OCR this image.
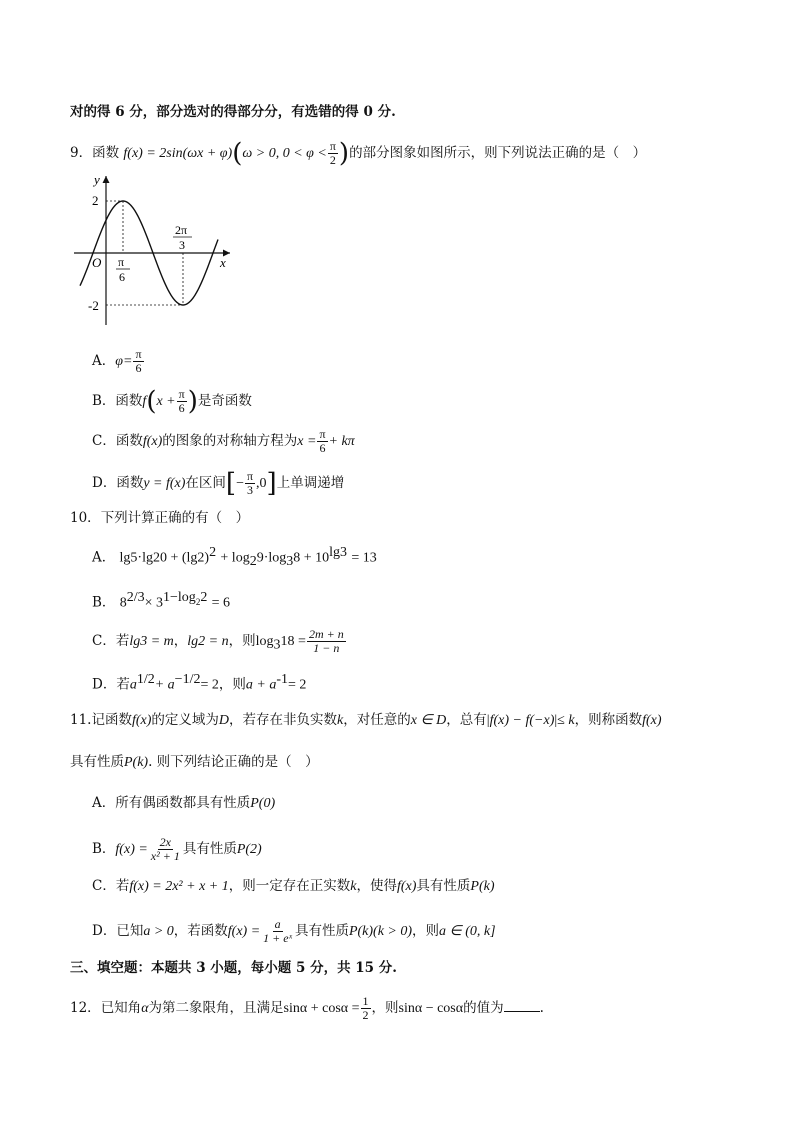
对的得 6 分，部分选对的得部分分，有选错的得 0 分.
9．函数 f(x) = 2sin(ωx + φ)(ω > 0, $0 < \varphi < \frac{\pi}{2}$ )的部分图象如图所示，则下列说法正确的是（　）
y
x
O
2
-2
π
6
2π
3
A．$\varphi= \frac{\pi}{6}$
B．函数$f(x + \frac{\pi}{6}$ )是奇函数
C．函数f(x)的图象的对称轴方程为$x = \frac{\pi}{6} + k\pi$
D．函数y = f(x)在区间[− $\frac{\pi}{3} ,0$]上单调递增
10．下列计算正确的有（　）
A． $\lg 5\cdot\lg 20 + (\lg 2)^2 + \log_29\cdot\log_38 + 10^{lg3} = 13$
B． $8^{2/3}\times 3^{1-log_22} = 6$
C．若lg3 = m，lg2 = n，则$\log_318 = \frac{2m + n}{1 - n}$
D．若$a^{1/2}+ a^{-1/2}= 2$，则$a + a^{-1}= 2$
11.记函数f(x)的定义域为D，若存在非负实数k，对任意的x ∈ D，总有|f(x) − f(−x)|≤ k，则称函数f(x)
具有性质P(k). 则下列结论正确的是（　）
A．所有偶函数都具有性质P(0)
B．$f(x) = \frac{2x}{\text{x² + 1}}$ 具有性质P(2)
C．若f(x) = 2x² + x + 1，则一定存在正实数k，使得f(x)具有性质P(k)
D．已知a > 0，若函数$f(x) = \frac{a}{\text{1 + eˣ}}$ 具有性质P(k)(k > 0)，则a ∈ (0, k]
三、填空题：本题共 3 小题，每小题 5 分，共 15 分.
12．已知角α为第二象限角，且满足$\sin\alpha + \cos\alpha = \frac{1}{2}$ ，则sinα − cosα的值为	.
